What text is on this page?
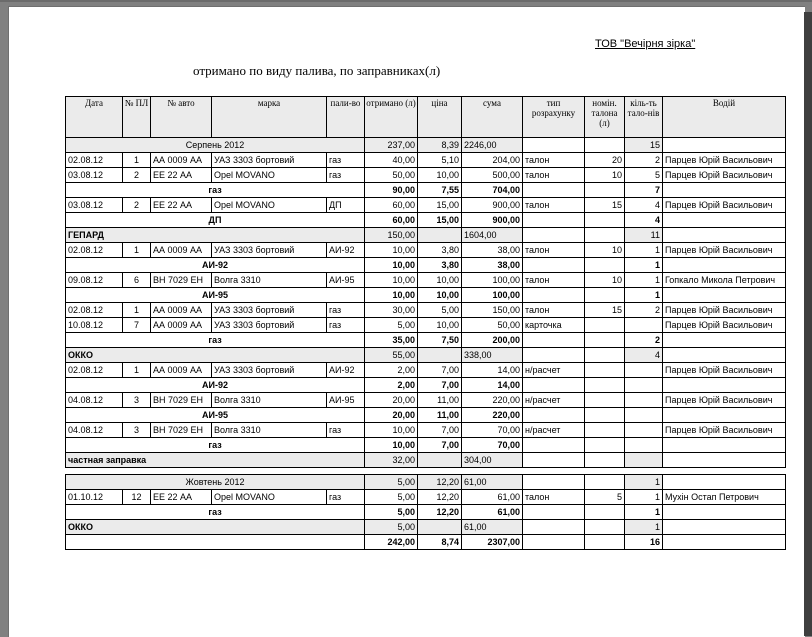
ТОВ "Вечірня зірка"
отримано по виду палива, по заправниках(л)
Дата	№ ПЛ	№ авто	марка	пали-во	отримано (л)	ціна	сума	тип розрахунку	номін. талона (л)	кіль-ть тало-нів	Водій
Серпень 2012					237,00	8,39	2246,00			15	
02.08.12	1	АА 0009 АА	УАЗ 3303 бортовий	газ	40,00	5,10	204,00	талон	20	2	Парцев Юрій Васильович
03.08.12	2	ЕЕ 22 АА	Opel MOVANO	газ	50,00	10,00	500,00	талон	10	5	Парцев Юрій Васильович
газ					90,00	7,55	704,00			7	
03.08.12	2	ЕЕ 22 АА	Opel MOVANO	ДП	60,00	15,00	900,00	талон	15	4	Парцев Юрій Васильович
ДП					60,00	15,00	900,00			4	
ГЕПАРД					150,00		1604,00			11	
02.08.12	1	АА 0009 АА	УАЗ 3303 бортовий	АИ-92	10,00	3,80	38,00	талон	10	1	Парцев Юрій Васильович
АИ-92					10,00	3,80	38,00			1	
09.08.12	6	ВН 7029 ЕН	Волга 3310	АИ-95	10,00	10,00	100,00	талон	10	1	Гопкало Микола Петрович
АИ-95					10,00	10,00	100,00			1	
02.08.12	1	АА 0009 АА	УАЗ 3303 бортовий	газ	30,00	5,00	150,00	талон	15	2	Парцев Юрій Васильович
10.08.12	7	АА 0009 АА	УАЗ 3303 бортовий	газ	5,00	10,00	50,00	карточка			Парцев Юрій Васильович
газ					35,00	7,50	200,00			2	
ОККО					55,00		338,00			4	
02.08.12	1	АА 0009 АА	УАЗ 3303 бортовий	АИ-92	2,00	7,00	14,00	н/расчет			Парцев Юрій Васильович
АИ-92					2,00	7,00	14,00				
04.08.12	3	ВН 7029 ЕН	Волга 3310	АИ-95	20,00	11,00	220,00	н/расчет			Парцев Юрій Васильович
АИ-95					20,00	11,00	220,00				
04.08.12	3	ВН 7029 ЕН	Волга 3310	газ	10,00	7,00	70,00	н/расчет			Парцев Юрій Васильович
газ					10,00	7,00	70,00				
частная заправка					32,00		304,00				

Жовтень 2012					5,00	12,20	61,00			1	
01.10.12	12	ЕЕ 22 АА	Opel MOVANO	газ	5,00	12,20	61,00	талон	5	1	Мухін Остап Петрович
газ					5,00	12,20	61,00			1	
ОККО					5,00		61,00			1	
					242,00	8,74	2307,00			16	
